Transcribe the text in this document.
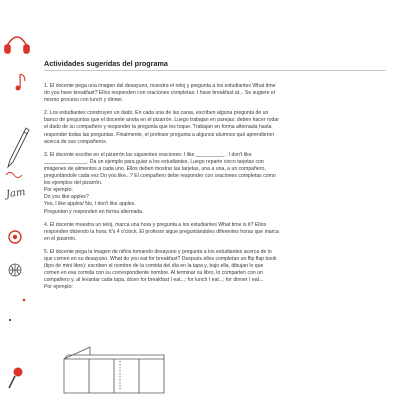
Jam
Actividades sugeridas del programa

1. El docente pega una imagen del desayuno, muestra el reloj y pregunta a los estudiantes What time
do you have breakfast? Ellos responden con oraciones completas: I have breakfast at... Se sugiere el
mismo proceso con lunch y dinner.

2. Los estudiantes construyen un dado. En cada una de las caras, escriben alguna pregunta de un
banco de preguntas que el docente anota en el pizarrón. Luego trabajan en parejas: deben hacer rodar
el dado de su compañero y responder la pregunta que les toque. Trabajan en forma alternada hasta
responder todas las preguntas. Finalmente, el profesor pregunta a algunos alumnos qué aprendieron
acerca de sus compañeros.

3. El docente escribe en el pizarrón las siguientes oraciones: I like __________ . I don't like
_______________. Da un ejemplo para guiar a los estudiantes. Luego reparte cinco tarjetas con
imágenes de alimentos a cada uno. Ellos deben mostrar las tarjetas, una a una, a un compañero,
preguntándole cada vez Do you like...? El compañero debe responder con oraciones completas como
los ejemplos del pizarrón.
Por ejemplo:
Do you like apples?
Yes, I like apples/ No, I don't like apples.
Preguntan y responden en forma alternada.

4. El docente muestra un reloj, marca una hora y pregunta a los estudiantes What time is it? Ellos
responden diciendo la hora: It's 4 o'clock. El profesor sigue preguntándoles diferentes horas que marca
en el pizarrón.

5. El docente pega la imagen de niños tomando desayuno y pregunta a los estudiantes acerca de lo
que comen en su desayuno. What do you eat for breakfast? Después ellos completan un flip flap book
(tipo de mini libro): escriben el nombre de la comida del día en la tapa y, bajo ella, dibujan lo que
comen en esa comida con su correspondiente nombre. Al terminar su libro, lo comparten con un
compañero y, al levantar cada tapa, dicen for breakfast I eat...; for lunch I eat...; for dinner I eat...
Por ejemplo:
